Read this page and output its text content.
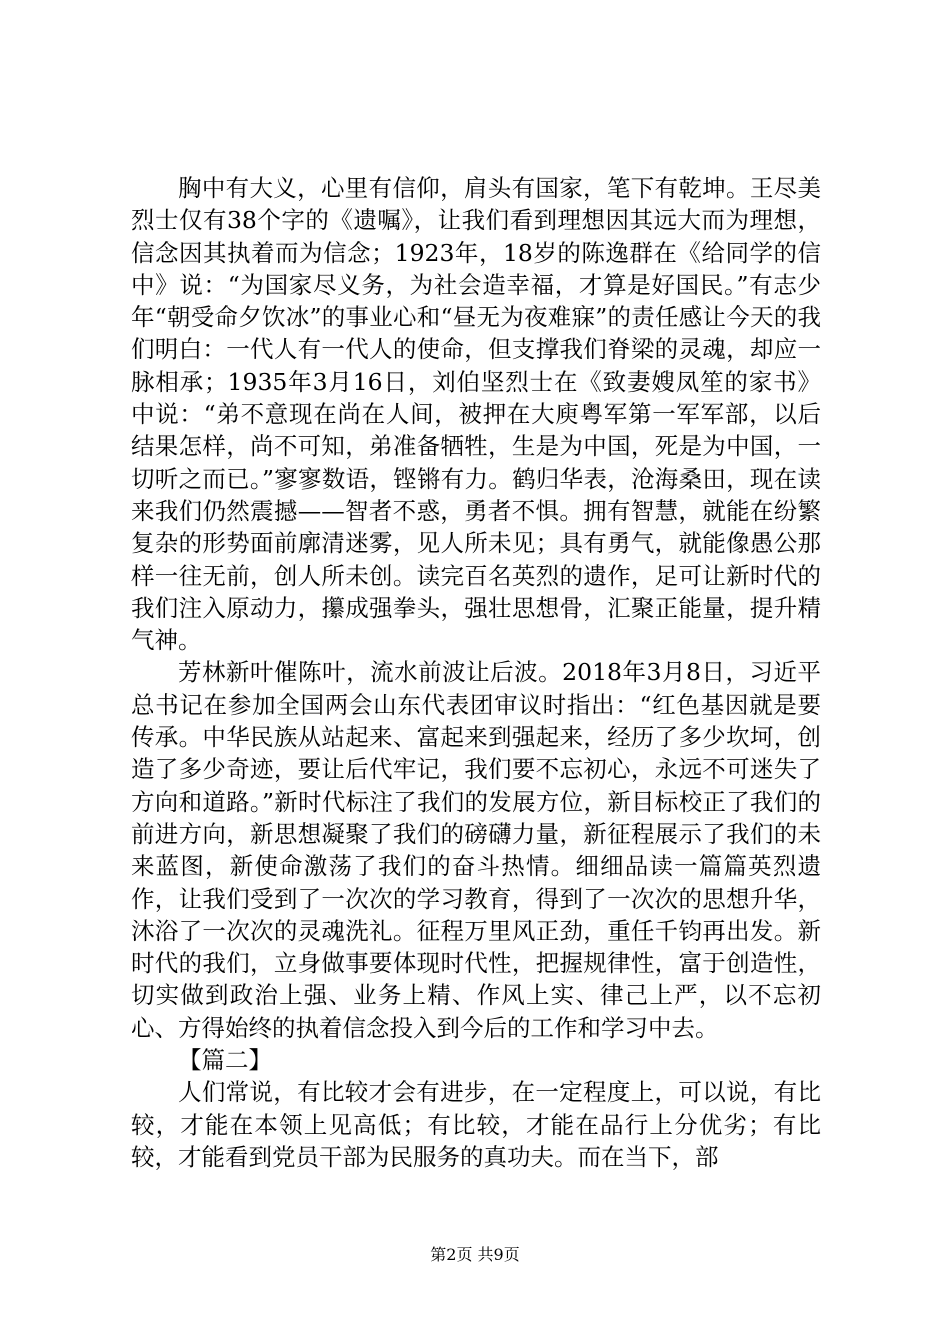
胸中有大义，心里有信仰，肩头有国家，笔下有乾坤。王尽美烈士仅有38个字的《遗嘱》，让我们看到理想因其远大而为理想，信念因其执着而为信念；1923年，18岁的陈逸群在《给同学的信中》说：“为国家尽义务，为社会造幸福，才算是好国民。”有志少年“朝受命夕饮冰”的事业心和“昼无为夜难寐”的责任感让今天的我们明白：一代人有一代人的使命，但支撑我们脊梁的灵魂，却应一脉相承；1935年3月16日，刘伯坚烈士在《致妻嫂凤笙的家书》中说：“弟不意现在尚在人间，被押在大庾粤军第一军军部，以后结果怎样，尚不可知，弟准备牺牲，生是为中国，死是为中国，一切听之而已。”寥寥数语，铿锵有力。鹤归华表，沧海桑田，现在读来我们仍然震撼——智者不惑，勇者不惧。拥有智慧，就能在纷繁复杂的形势面前廓清迷雾，见人所未见；具有勇气，就能像愚公那样一往无前，创人所未创。读完百名英烈的遗作，足可让新时代的我们注入原动力，攥成强拳头，强壮思想骨，汇聚正能量，提升精气神。

芳林新叶催陈叶，流水前波让后波。2018年3月8日，习近平总书记在参加全国两会山东代表团审议时指出：“红色基因就是要传承。中华民族从站起来、富起来到强起来，经历了多少坎坷，创造了多少奇迹，要让后代牢记，我们要不忘初心，永远不可迷失了方向和道路。”新时代标注了我们的发展方位，新目标校正了我们的前进方向，新思想凝聚了我们的磅礴力量，新征程展示了我们的未来蓝图，新使命激荡了我们的奋斗热情。细细品读一篇篇英烈遗作，让我们受到了一次次的学习教育，得到了一次次的思想升华，沐浴了一次次的灵魂洗礼。征程万里风正劲，重任千钧再出发。新时代的我们，立身做事要体现时代性，把握规律性，富于创造性，切实做到政治上强、业务上精、作风上实、律己上严，以不忘初心、方得始终的执着信念投入到今后的工作和学习中去。

【篇二】

人们常说，有比较才会有进步，在一定程度上，可以说，有比较，才能在本领上见高低；有比较，才能在品行上分优劣；有比较，才能看到党员干部为民服务的真功夫。而在当下，部

第2页 共9页
